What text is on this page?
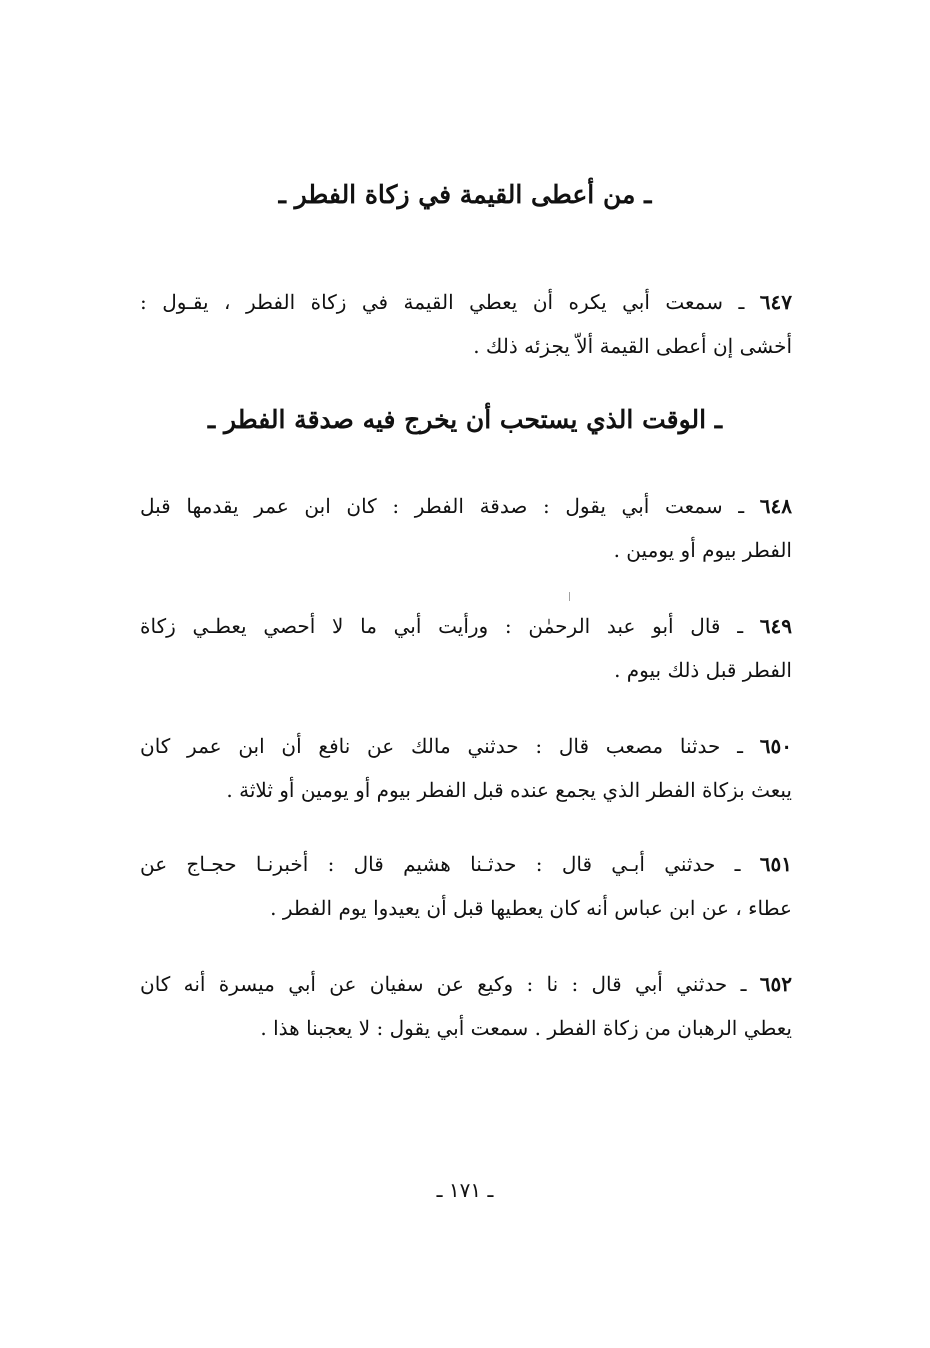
ـ من أعطى القيمة في زكاة الفطر ـ
٦٤٧ ـ سمعت أبي يكره أن يعطي القيمة في زكاة الفطر ، يقـول :
أخشى إن أعطى القيمة ألاّ يجزئه ذلك .
ـ الوقت الذي يستحب أن يخرج فيه صدقة الفطر ـ
٦٤٨ ـ سمعت أبي يقول : صدقة الفطر : كان ابن عمر يقدمها قبل
الفطر بيوم أو يومين .
٦٤٩ ـ قال أبو عبد الرحمٰن : ورأيت أبي ما لا أحصي يعطـي زكاة
الفطر قبل ذلك بيوم .
٦٥٠ ـ حدثنا مصعب قال : حدثني مالك عن نافع أن ابن عمر كان
يبعث بزكاة الفطر الذي يجمع عنده قبل الفطر بيوم أو يومين أو ثلاثة .
٦٥١ ـ حدثني أبـي قال : حدثـنا هشيم قال : أخبرنـا حجـاج عن
عطاء ، عن ابن عباس أنه كان يعطيها قبل أن يعيدوا يوم الفطر .
٦٥٢ ـ حدثني أبي قال : نا : وكيع عن سفيان عن أبي ميسرة أنه كان
يعطي الرهبان من زكاة الفطر . سمعت أبي يقول : لا يعجبنا هذا .
ـ ١٧١ ـ
